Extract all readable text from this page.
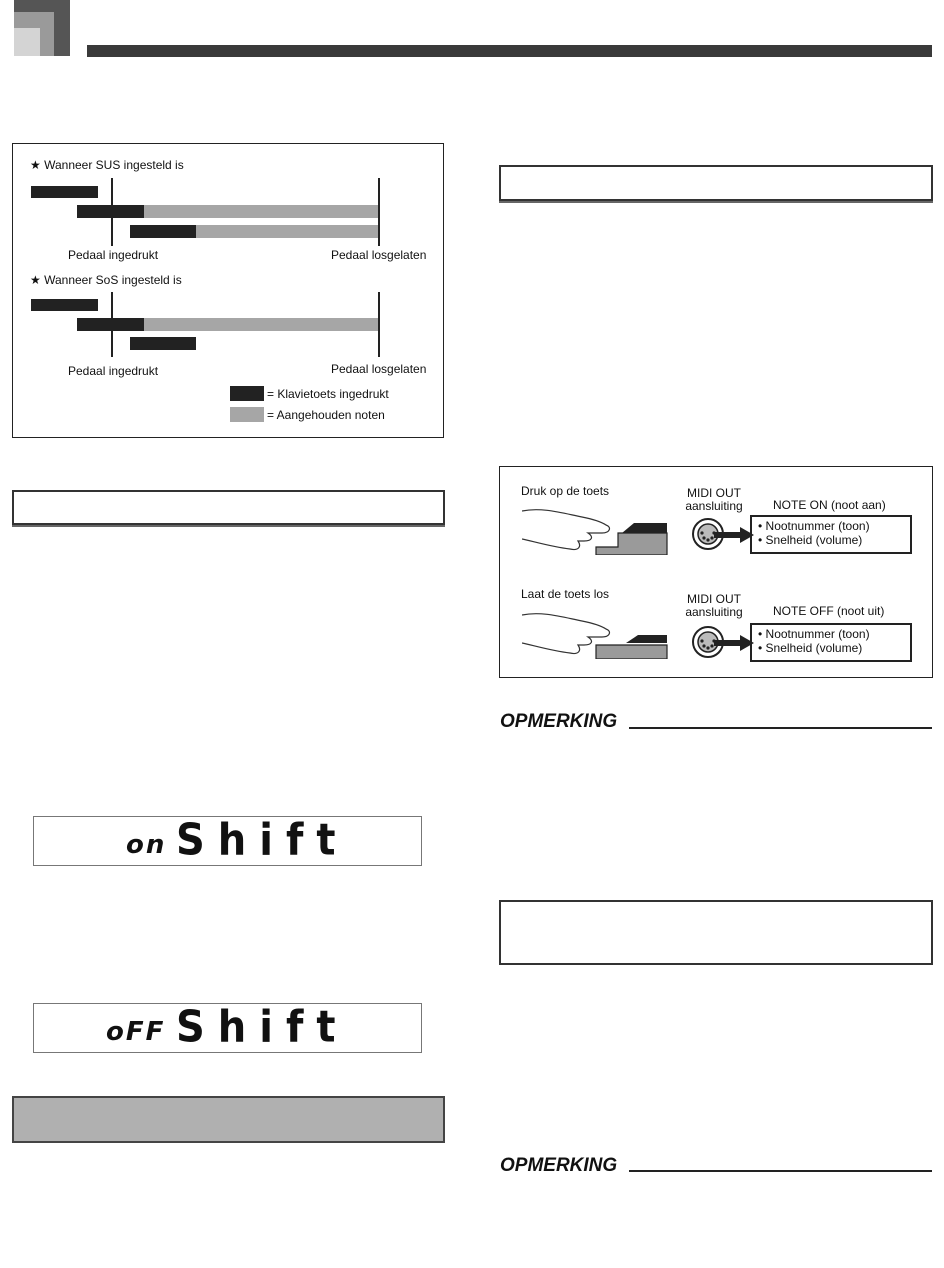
★ Wanneer SUS ingesteld is
Pedaal ingedrukt	Pedaal losgelaten
★ Wanneer SoS ingesteld is
Pedaal ingedrukt	Pedaal losgelaten
= Klavietoets ingedrukt
= Aangehouden noten
on Shift
oFF Shift
Druk op de toets	MIDI OUT
aansluiting	NOTE ON (noot aan)
• Nootnummer (toon)
• Snelheid (volume)
Laat de toets los	MIDI OUT
aansluiting	NOTE OFF (noot uit)
• Nootnummer (toon)
• Snelheid (volume)
OPMERKING
OPMERKING
